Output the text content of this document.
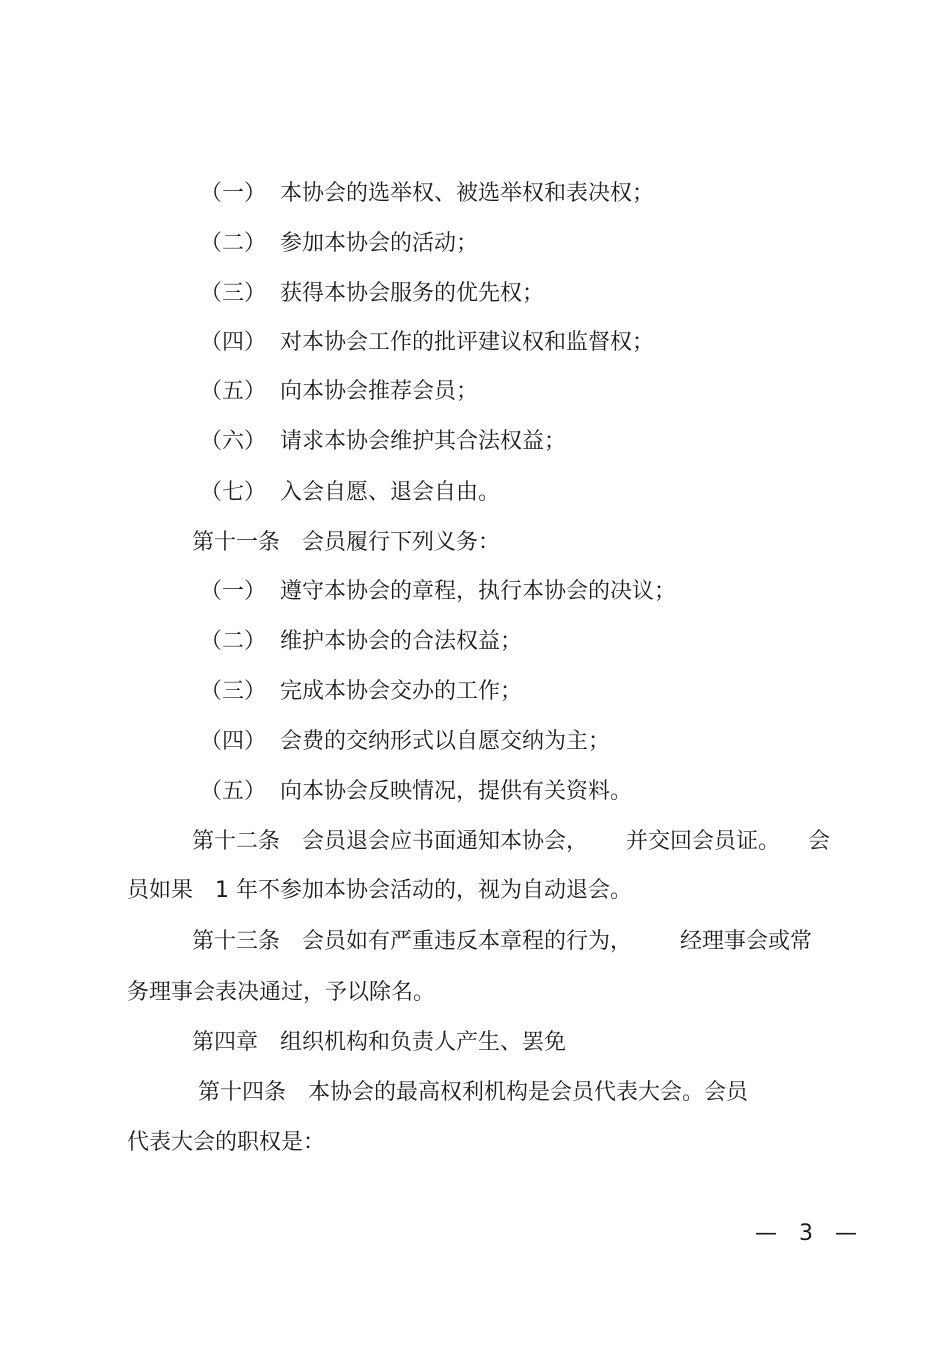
（一） 本协会的选举权、被选举权和表决权；
（二） 参加本协会的活动；
（三） 获得本协会服务的优先权；
（四） 对本协会工作的批评建议权和监督权；
（五） 向本协会推荐会员；
（六） 请求本协会维护其合法权益；
（七） 入会自愿、退会自由。
第十一条　会员履行下列义务：
（一） 遵守本协会的章程，执行本协会的决议；
（二） 维护本协会的合法权益；
（三） 完成本协会交办的工作；
（四） 会费的交纳形式以自愿交纳为主；
（五） 向本协会反映情况，提供有关资料。
第十二条　会员退会应书面通知本协会， 并交回会员证。 会
员如果　1 年不参加本协会活动的，视为自动退会。
第十三条　会员如有严重违反本章程的行为， 经理事会或常
务理事会表决通过，予以除名。
第四章　组织机构和负责人产生、罢免
第十四条　本协会的最高权利机构是会员代表大会。会员
代表大会的职权是：
—　3　—
